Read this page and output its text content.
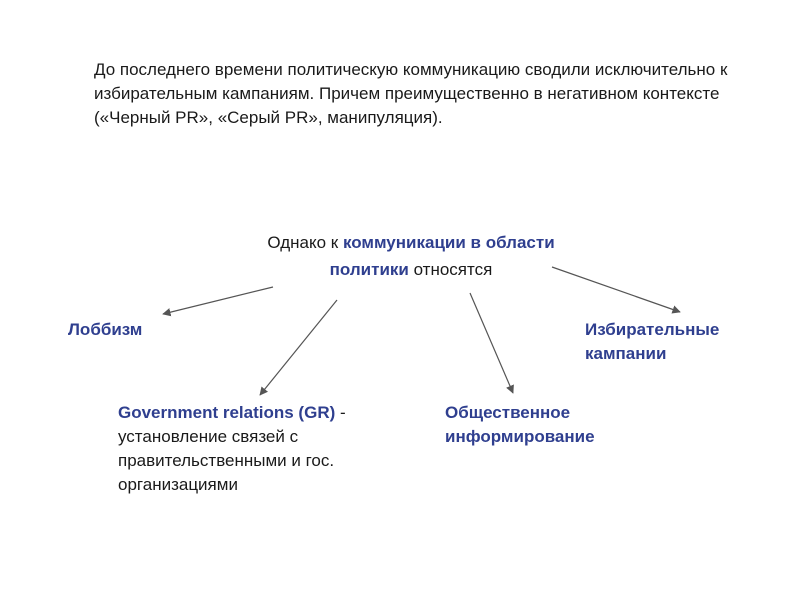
До последнего времени политическую коммуникацию сводили исключительно к избирательным кампаниям. Причем преимущественно в негативном контексте («Черный PR», «Серый PR», манипуляция).

Однако к коммуникации в области политики относятся
Лоббизм
Government relations (GR) - установление связей с правительственными и гос. организациями
Общественное информирование
Избирательные кампании
